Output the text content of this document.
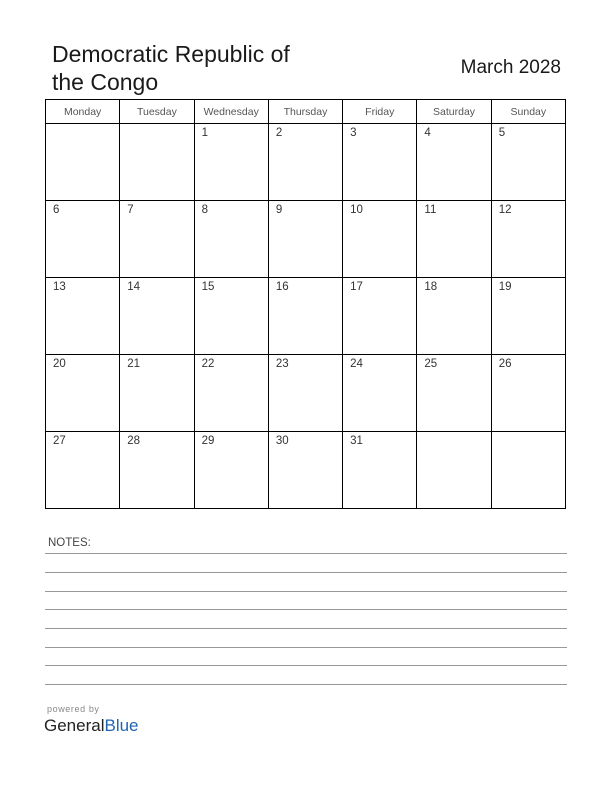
Democratic Republic of
the Congo
March 2028
Monday	Tuesday	Wednesday	Thursday	Friday	Saturday	Sunday

		1	2	3	4	5

6	7	8	9	10	11	12

13	14	15	16	17	18	19

20	21	22	23	24	25	26

27	28	29	30	31		

NOTES:
powered by
GeneralBlue
